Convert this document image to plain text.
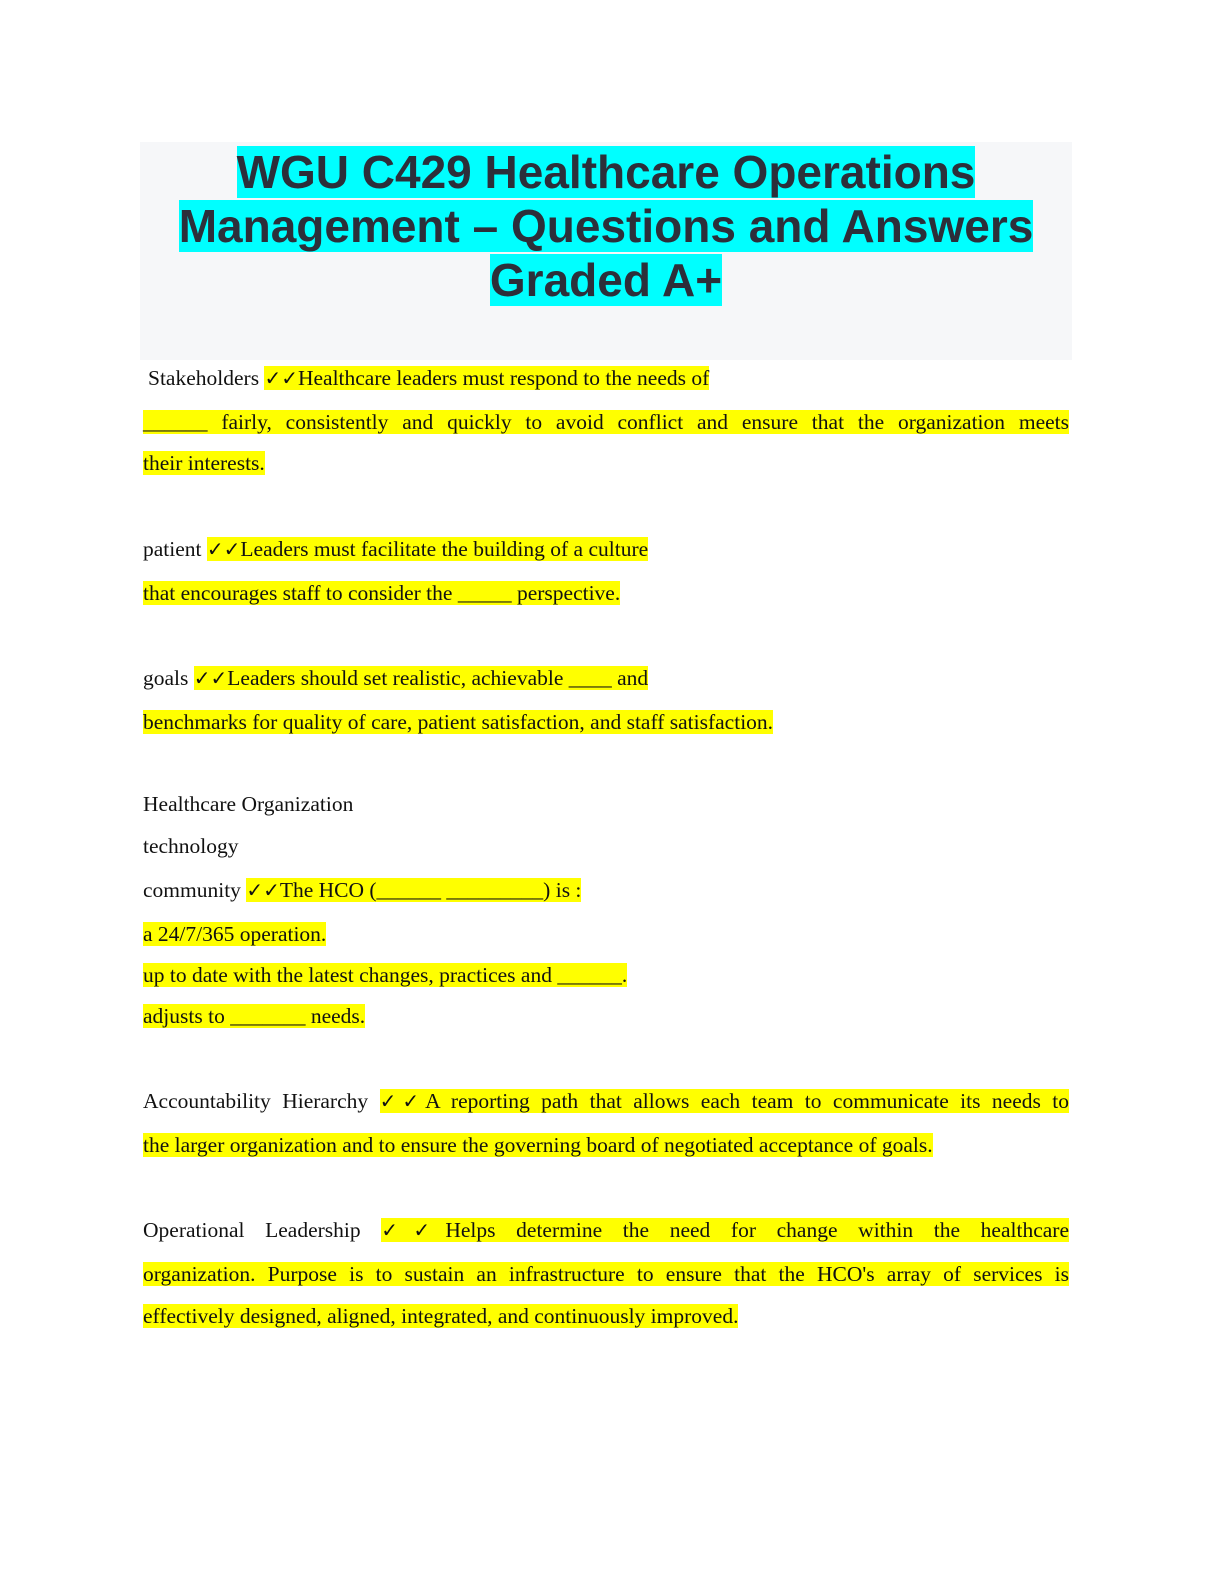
WGU C429 Healthcare Operations
Management – Questions and Answers
Graded A+
Stakeholders ✓✓Healthcare leaders must respond to the needs of
______ fairly, consistently and quickly to avoid conflict and ensure that the organization meets
their interests.
patient ✓✓Leaders must facilitate the building of a culture
that encourages staff to consider the _____ perspective.
goals ✓✓Leaders should set realistic, achievable ____ and
benchmarks for quality of care, patient satisfaction, and staff satisfaction.
Healthcare Organization
technology
community ✓✓The HCO (______ _________) is :
a 24/7/365 operation.
up to date with the latest changes, practices and ______.
adjusts to _______ needs.
Accountability Hierarchy ✓✓A reporting path that allows each team to communicate its needs to
the larger organization and to ensure the governing board of negotiated acceptance of goals.
Operational Leadership ✓✓Helps determine the need for change within the healthcare
organization. Purpose is to sustain an infrastructure to ensure that the HCO's array of services is
effectively designed, aligned, integrated, and continuously improved.
